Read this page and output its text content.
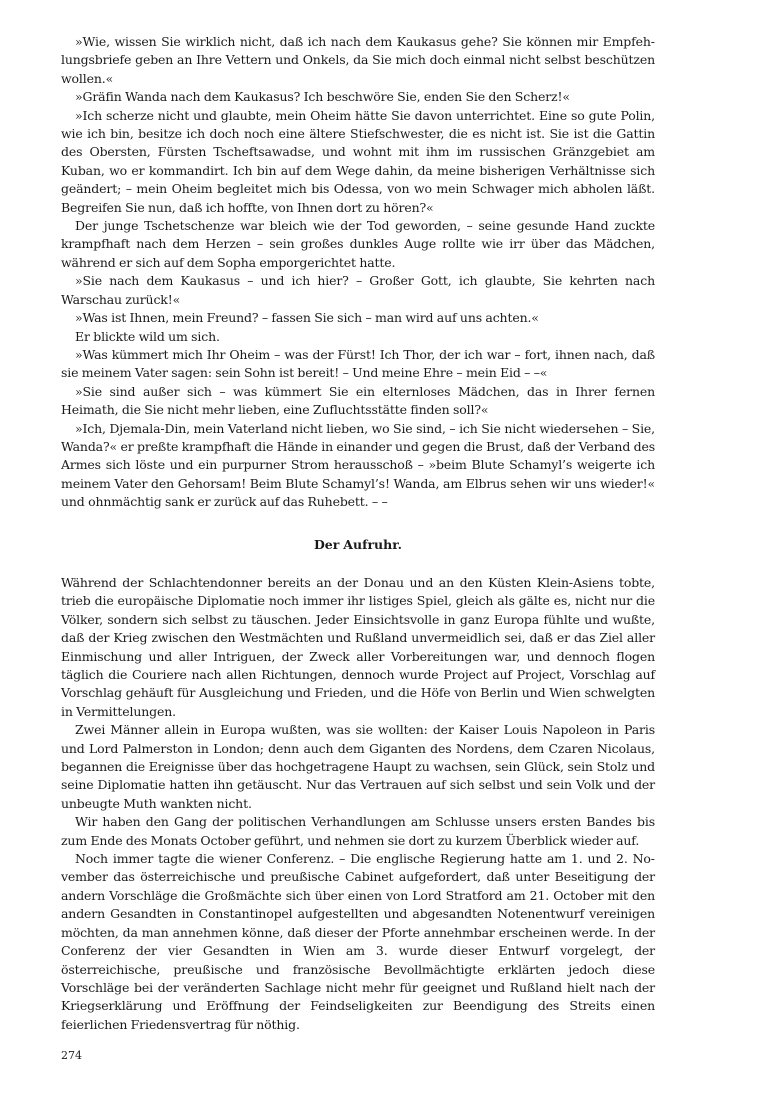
»Wie, wissen Sie wirklich nicht, daß ich nach dem Kaukasus gehe? Sie können mir Empfehlungsbriefe geben an Ihre Vettern und Onkels, da Sie mich doch einmal nicht selbst beschützen wollen.«

»Gräfin Wanda nach dem Kaukasus? Ich beschwöre Sie, enden Sie den Scherz!«

»Ich scherze nicht und glaubte, mein Oheim hätte Sie davon unterrichtet. Eine so gute Polin, wie ich bin, besitze ich doch noch eine ältere Stiefschwester, die es nicht ist. Sie ist die Gattin des Obersten, Fürsten Tscheftsawadse, und wohnt mit ihm im russischen Gränzgebiet am Kuban, wo er kommandirt. Ich bin auf dem Wege dahin, da meine bisherigen Verhältnisse sich geändert; – mein Oheim begleitet mich bis Odessa, von wo mein Schwager mich abholen läßt. Begreifen Sie nun, daß ich hoffte, von Ihnen dort zu hören?«

Der junge Tschetschenze war bleich wie der Tod geworden, – seine gesunde Hand zuckte krampfhaft nach dem Herzen – sein großes dunkles Auge rollte wie irr über das Mädchen, während er sich auf dem Sopha emporgerichtet hatte.

»Sie nach dem Kaukasus – und ich hier? – Großer Gott, ich glaubte, Sie kehrten nach Warschau zurück!«

»Was ist Ihnen, mein Freund? – fassen Sie sich – man wird auf uns achten.«

Er blickte wild um sich.

»Was kümmert mich Ihr Oheim – was der Fürst! Ich Thor, der ich war – fort, ihnen nach, daß sie meinem Vater sagen: sein Sohn ist bereit! – Und meine Ehre – mein Eid – –«

»Sie sind außer sich – was kümmert Sie ein elternloses Mädchen, das in Ihrer fernen Heimath, die Sie nicht mehr lieben, eine Zufluchtsstätte finden soll?«

»Ich, Djemala-Din, mein Vaterland nicht lieben, wo Sie sind, – ich Sie nicht wiedersehen – Sie, Wanda?« er preßte krampfhaft die Hände in einander und gegen die Brust, daß der Verband des Armes sich löste und ein purpurner Strom herausschoß – »beim Blute Schamyl’s weigerte ich meinem Vater den Gehorsam! Beim Blute Schamyl’s! Wanda, am Elbrus sehen wir uns wieder!« und ohnmächtig sank er zurück auf das Ruhebett. – –

Der Aufruhr.

Während der Schlachtendonner bereits an der Donau und an den Küsten Klein-Asiens tobte, trieb die europäische Diplomatie noch immer ihr listiges Spiel, gleich als gälte es, nicht nur die Völker, sondern sich selbst zu täuschen. Jeder Einsichtsvolle in ganz Europa fühlte und wußte, daß der Krieg zwischen den Westmächten und Rußland unvermeidlich sei, daß er das Ziel aller Einmischung und aller Intriguen, der Zweck aller Vorbereitungen war, und dennoch flogen täglich die Couriere nach allen Richtungen, dennoch wurde Project auf Project, Vorschlag auf Vorschlag gehäuft für Ausgleichung und Frieden, und die Höfe von Berlin und Wien schwelgten in Vermittelungen.

Zwei Männer allein in Europa wußten, was sie wollten: der Kaiser Louis Napoleon in Paris und Lord Palmerston in London; denn auch dem Giganten des Nordens, dem Czaren Nicolaus, begannen die Ereignisse über das hochgetragene Haupt zu wachsen, sein Glück, sein Stolz und seine Diplomatie hatten ihn getäuscht. Nur das Vertrauen auf sich selbst und sein Volk und der unbeugte Muth wankten nicht.

Wir haben den Gang der politischen Verhandlungen am Schlusse unsers ersten Bandes bis zum Ende des Monats October geführt, und nehmen sie dort zu kurzem Überblick wieder auf.

Noch immer tagte die wiener Conferenz. – Die englische Regierung hatte am 1. und 2. November das österreichische und preußische Cabinet aufgefordert, daß unter Beseitigung der andern Vorschläge die Großmächte sich über einen von Lord Stratford am 21. October mit den andern Gesandten in Constantinopel aufgestellten und abgesandten Notenentwurf vereinigen möchten, da man annehmen könne, daß dieser der Pforte annehmbar erscheinen werde. In der Conferenz der vier Gesandten in Wien am 3. wurde dieser Entwurf vorgelegt, der österreichische, preußische und französische Bevollmächtigte erklärten jedoch diese Vorschläge bei der veränderten Sachlage nicht mehr für geeignet und Rußland hielt nach der Kriegserklärung und Eröffnung der Feindseligkeiten zur Beendigung des Streits einen feierlichen Friedensvertrag für nöthig.

274
